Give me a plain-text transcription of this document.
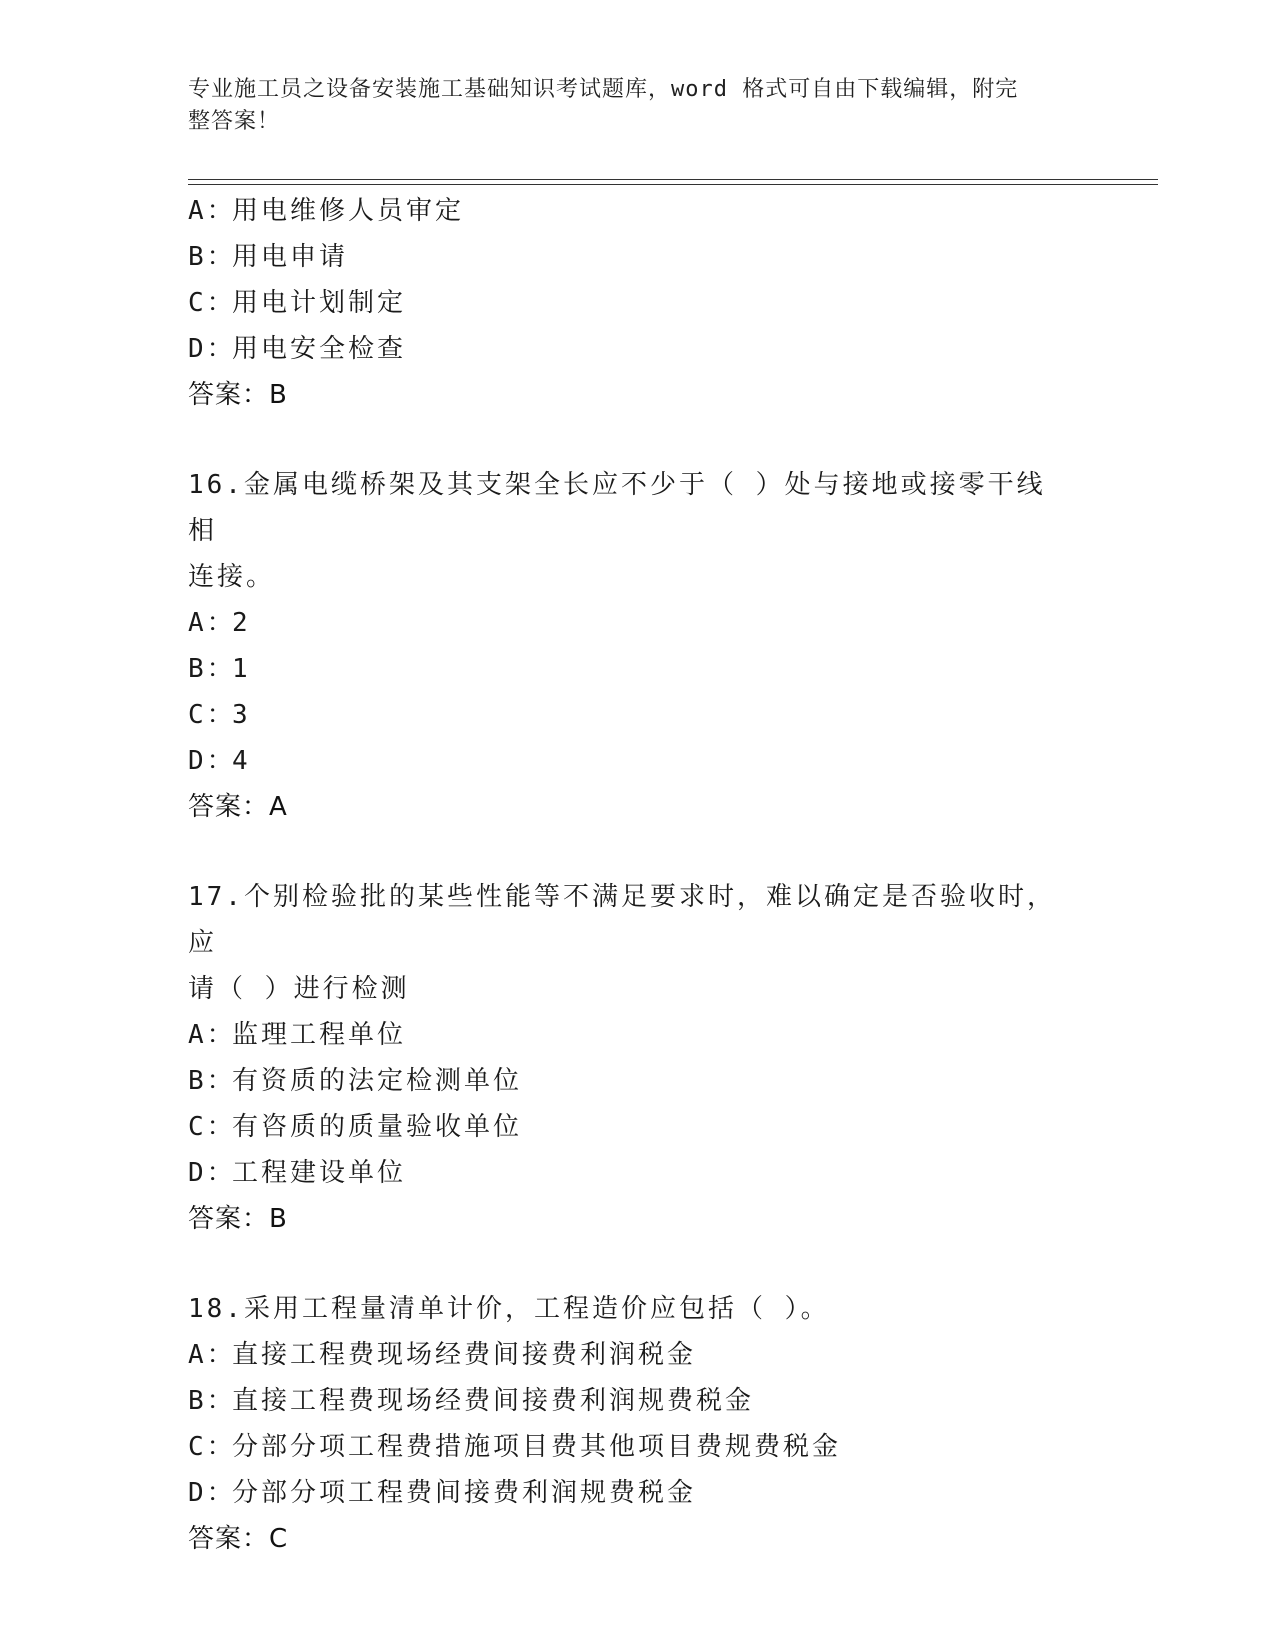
专业施工员之设备安装施工基础知识考试题库，word 格式可自由下载编辑，附完
整答案！
A：用电维修人员审定
B：用电申请
C：用电计划制定
D：用电安全检查
答案：B
16.金属电缆桥架及其支架全长应不少于（ ）处与接地或接零干线相
连接。
A：2
B：1
C：3
D：4
答案：A
17.个别检验批的某些性能等不满足要求时，难以确定是否验收时，应
请（ ）进行检测
A：监理工程单位
B：有资质的法定检测单位
C：有咨质的质量验收单位
D：工程建设单位
答案：B
18.采用工程量清单计价，工程造价应包括（ ）。
A：直接工程费现场经费间接费利润税金
B：直接工程费现场经费间接费利润规费税金
C：分部分项工程费措施项目费其他项目费规费税金
D：分部分项工程费间接费利润规费税金
答案：C
